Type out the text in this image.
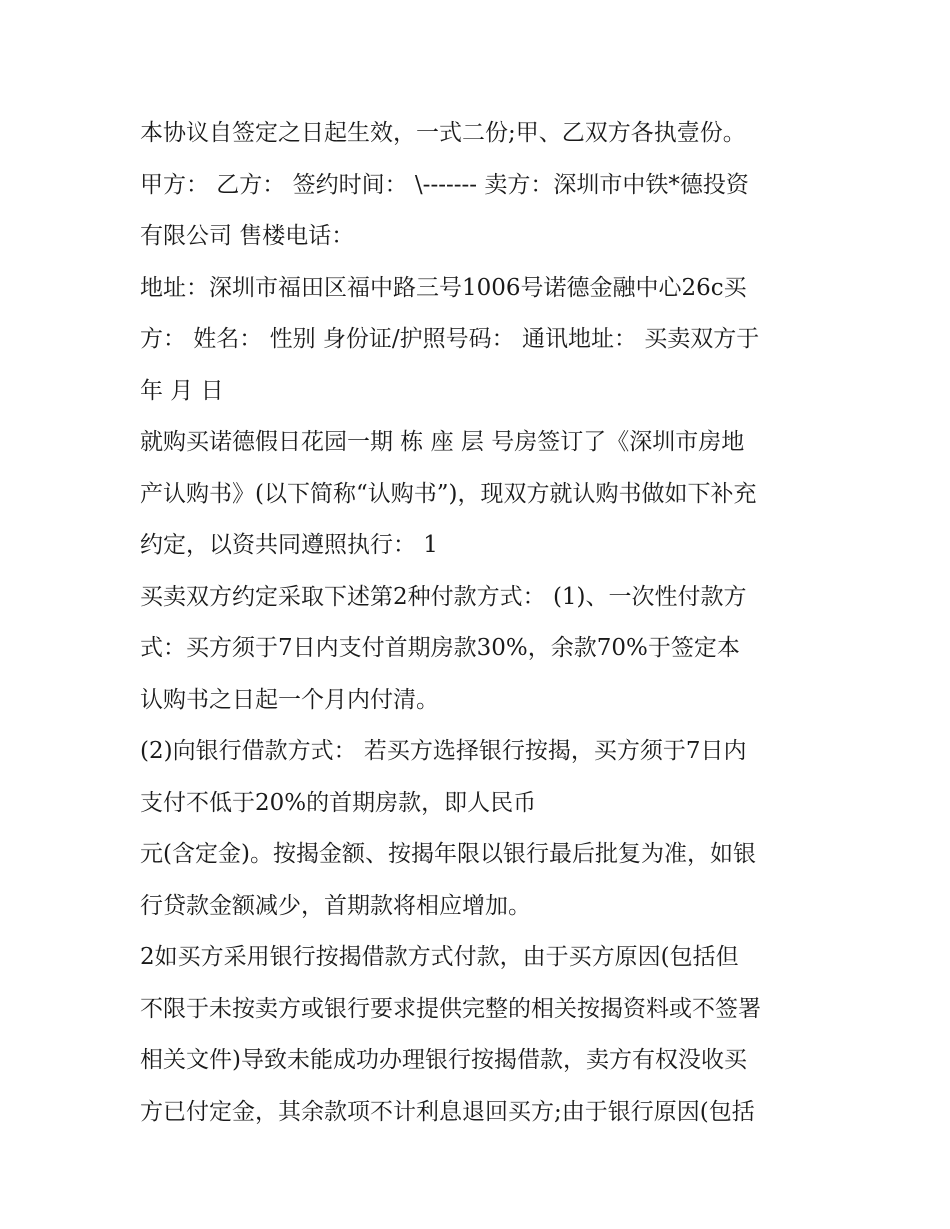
本协议自签定之日起生效，一式二份;甲、乙双方各执壹份。
甲方： 乙方： 签约时间： \------- 卖方：深圳市中铁*德投资
有限公司 售楼电话：
地址：深圳市福田区福中路三号1006号诺德金融中心26c买
方： 姓名： 性别 身份证/护照号码： 通讯地址： 买卖双方于
年 月 日
就购买诺德假日花园一期 栋 座 层 号房签订了《深圳市房地
产认购书》(以下简称“认购书”)，现双方就认购书做如下补充
约定，以资共同遵照执行： 1
买卖双方约定采取下述第2种付款方式： (1)、一次性付款方
式：买方须于7日内支付首期房款30%，余款70%于签定本
认购书之日起一个月内付清。
(2)向银行借款方式： 若买方选择银行按揭，买方须于7日内
支付不低于20%的首期房款，即人民币
元(含定金)。按揭金额、按揭年限以银行最后批复为准，如银
行贷款金额减少，首期款将相应增加。
2如买方采用银行按揭借款方式付款，由于买方原因(包括但
不限于未按卖方或银行要求提供完整的相关按揭资料或不签署
相关文件)导致未能成功办理银行按揭借款，卖方有权没收买
方已付定金，其余款项不计利息退回买方;由于银行原因(包括
